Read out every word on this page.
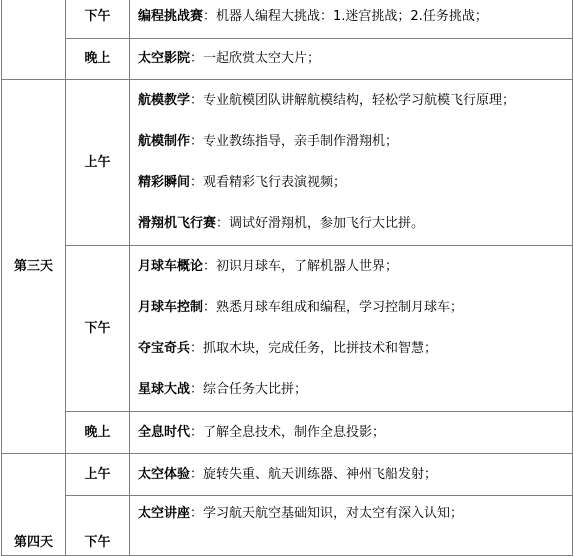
	下午	编程挑战赛：机器人编程大挑战：1.迷宫挑战；2.任务挑战；

	晚上	太空影院：一起欣赏太空大片；

第三天	上午	航模教学：专业航模团队讲解航模结构，轻松学习航模飞行原理；
航模制作：专业教练指导，亲手制作滑翔机；
精彩瞬间：观看精彩飞行表演视频；
滑翔机飞行赛：调试好滑翔机，参加飞行大比拼。

	下午	月球车概论：初识月球车，了解机器人世界；
月球车控制：熟悉月球车组成和编程，学习控制月球车；
夺宝奇兵：抓取木块，完成任务，比拼技术和智慧；
星球大战：综合任务大比拼；

	晚上	全息时代：了解全息技术，制作全息投影；

第四天	上午	太空体验：旋转失重、航天训练器、神州飞船发射；

	下午	太空讲座：学习航天航空基础知识，对太空有深入认知；
